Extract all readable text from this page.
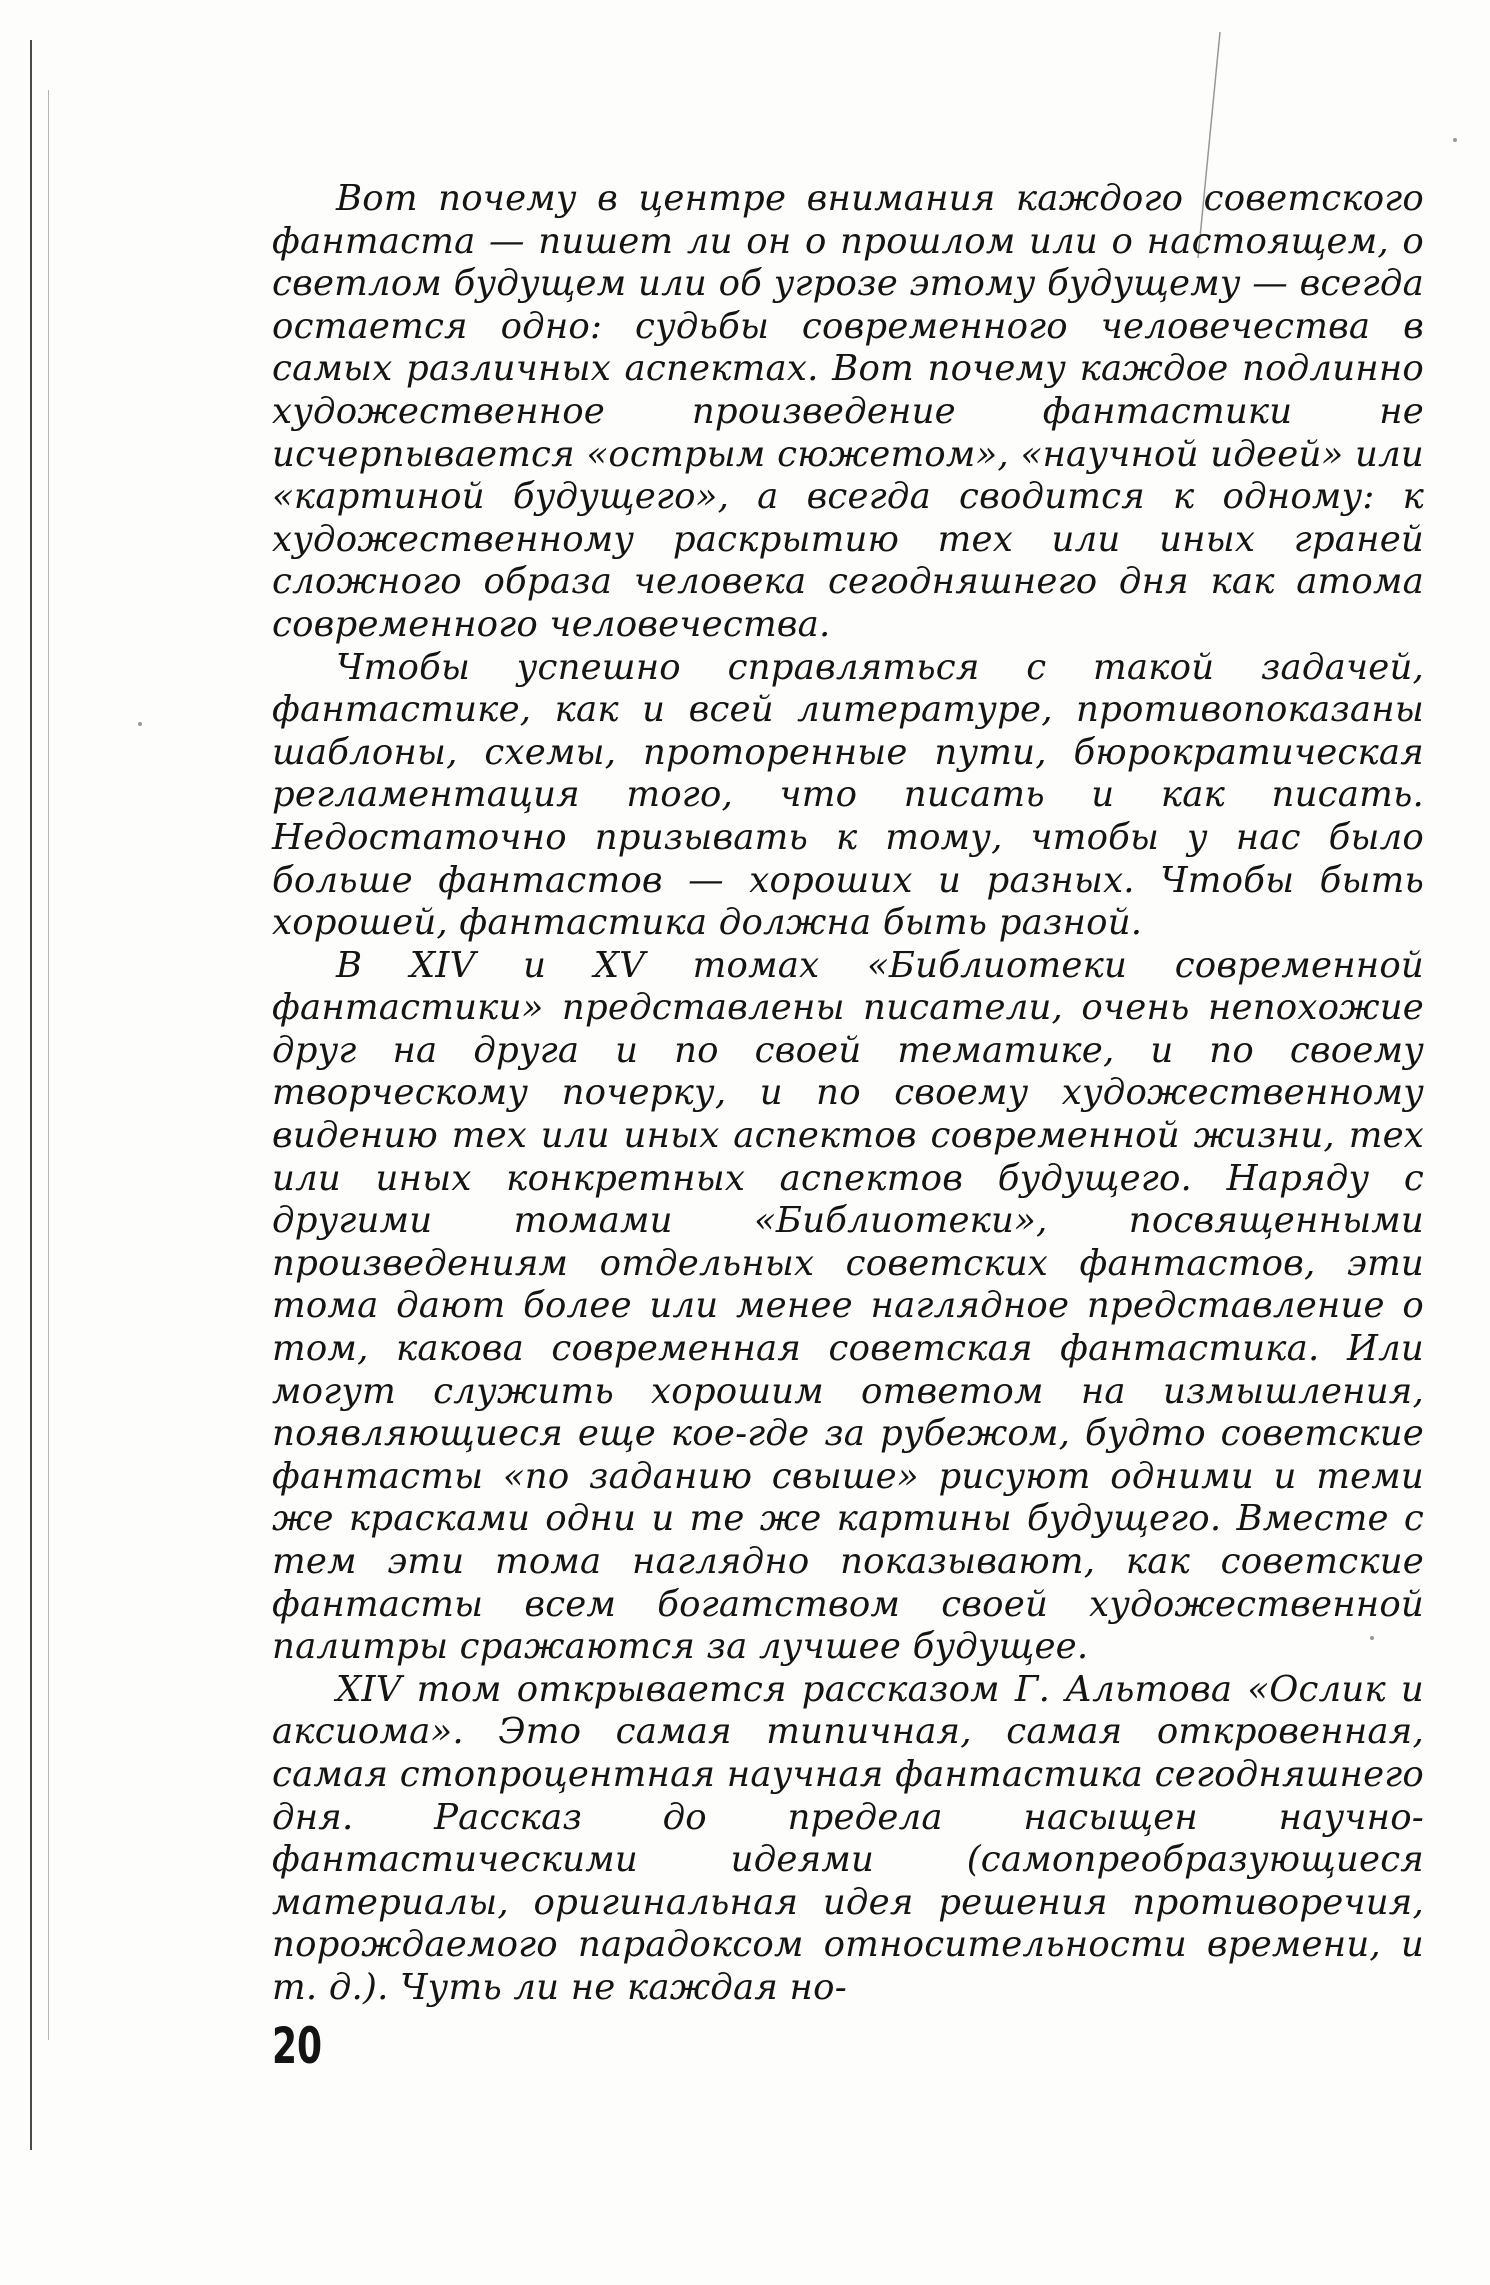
Вот почему в центре внимания каждого советского фантаста — пишет ли он о прошлом или о настоящем, о светлом будущем или об угрозе этому будущему — всегда остается одно: судьбы современного человечества в самых различных аспектах. Вот почему каждое подлинно художественное произведение фантастики не исчерпывается «острым сюжетом», «научной идеей» или «картиной будущего», а всегда сводится к одному: к художественному раскрытию тех или иных граней сложного образа человека сегодняшнего дня как атома современного человечества.

Чтобы успешно справляться с такой задачей, фантастике, как и всей литературе, противопоказаны шаблоны, схемы, проторенные пути, бюрократическая регламентация того, что писать и как писать. Недостаточно призывать к тому, чтобы у нас было больше фантастов — хороших и разных. Чтобы быть хорошей, фантастика должна быть разной.

В XIV и XV томах «Библиотеки современной фантастики» представлены писатели, очень непохожие друг на друга и по своей тематике, и по своему творческому почерку, и по своему художественному видению тех или иных аспектов современной жизни, тех или иных конкретных аспектов будущего. Наряду с другими томами «Библиотеки», посвященными произведениям отдельных советских фантастов, эти тома дают более или менее наглядное представление о том, какова современная советская фантастика. Или могут служить хорошим ответом на измышления, появляющиеся еще кое-где за рубежом, будто советские фантасты «по заданию свыше» рисуют одними и теми же красками одни и те же картины будущего. Вместе с тем эти тома наглядно показывают, как советские фантасты всем богатством своей художественной палитры сражаются за лучшее будущее.

XIV том открывается рассказом Г. Альтова «Ослик и аксиома». Это самая типичная, самая откровенная, самая стопроцентная научная фантастика сегодняшнего дня. Рассказ до предела насыщен научно-фантастическими идеями (самопреобразующиеся материалы, оригинальная идея решения противоречия, порождаемого парадоксом относительности времени, и т. д.). Чуть ли не каждая но-

20
